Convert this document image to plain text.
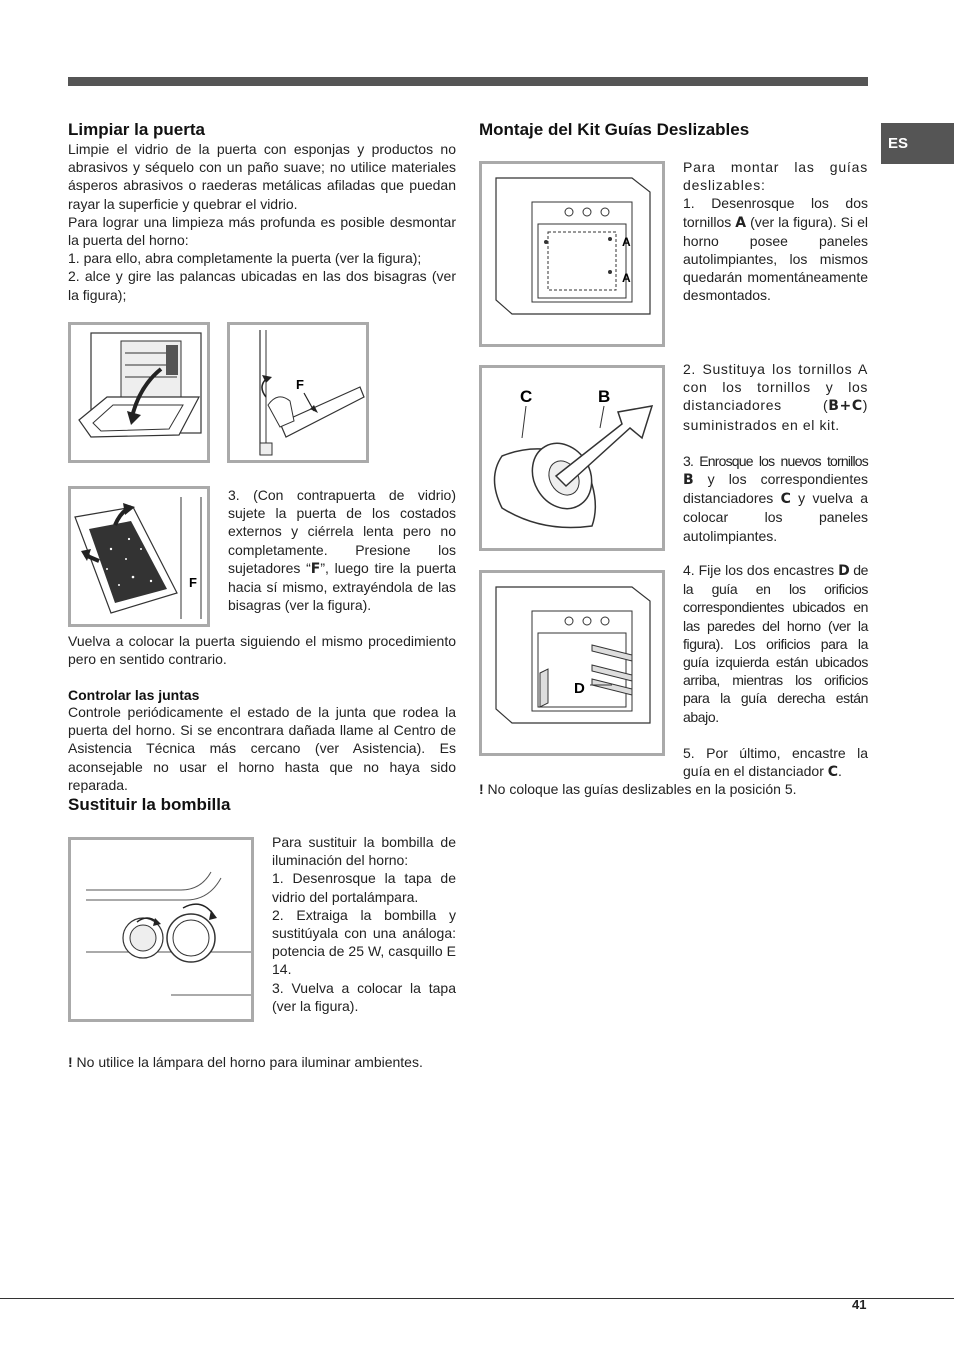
ES
Limpiar la puerta

Limpie el vidrio de la puerta con esponjas y productos no abrasivos y séquelo con un paño suave; no utilice materiales ásperos abrasivos o raederas metálicas afiladas que puedan rayar la superficie y quebrar el vidrio.

Para lograr una limpieza más profunda es posible desmontar la puerta del horno:

1. para ello, abra completamente la puerta (ver la figura);

2. alce y gire las palancas ubicadas en las dos bisagras (ver la figura);

F
F

3. (Con contrapuerta de vidrio) sujete la puerta de los costados externos y ciérrela lenta pero no completamente. Presione los sujetadores “F”, luego tire la puerta hacia sí mismo, extrayéndola de las bisagras (ver la figura).

Vuelva a colocar la puerta siguiendo el mismo procedimiento pero en sentido contrario.

Controlar las juntas

Controle periódicamente el estado de la junta que rodea la puerta del horno. Si se encontrara dañada llame al Centro de Asistencia Técnica más cercano (ver Asistencia). Es aconsejable no usar el horno hasta que no haya sido reparada.

Sustituir la bombilla

Para sustituir la bombilla de iluminación del horno:

1. Desenrosque la tapa de vidrio del portalámpara.

2. Extraiga la bombilla y sustitúyala con una análoga: potencia de 25 W, casquillo E 14.

3. Vuelva a colocar la tapa (ver la figura).

! No utilice la lámpara del horno para iluminar ambientes.

Montaje del Kit Guías Deslizables
A
A

Para montar las guías deslizables:

1. Desenrosque los dos tornillos A (ver la figura). Si el horno posee paneles autolimpiantes, los mismos quedarán momentáneamente desmontados.

C	B

2. Sustituya los tornillos A con los tornillos y los distanciadores (B+C) suministrados en el kit.

3. Enrosque los nuevos tornillos B y los correspondientes distanciadores C y vuelva a colocar los paneles autolimpiantes.

D

4. Fije los dos encastres D de la guía en los orificios correspondientes ubicados en las paredes del horno (ver la figura). Los orificios para la guía izquierda están ubicados arriba, mientras los orificios para la guía derecha están abajo.

5. Por último, encastre la guía en el distanciador C.

! No coloque las guías deslizables en la posición 5.

41
